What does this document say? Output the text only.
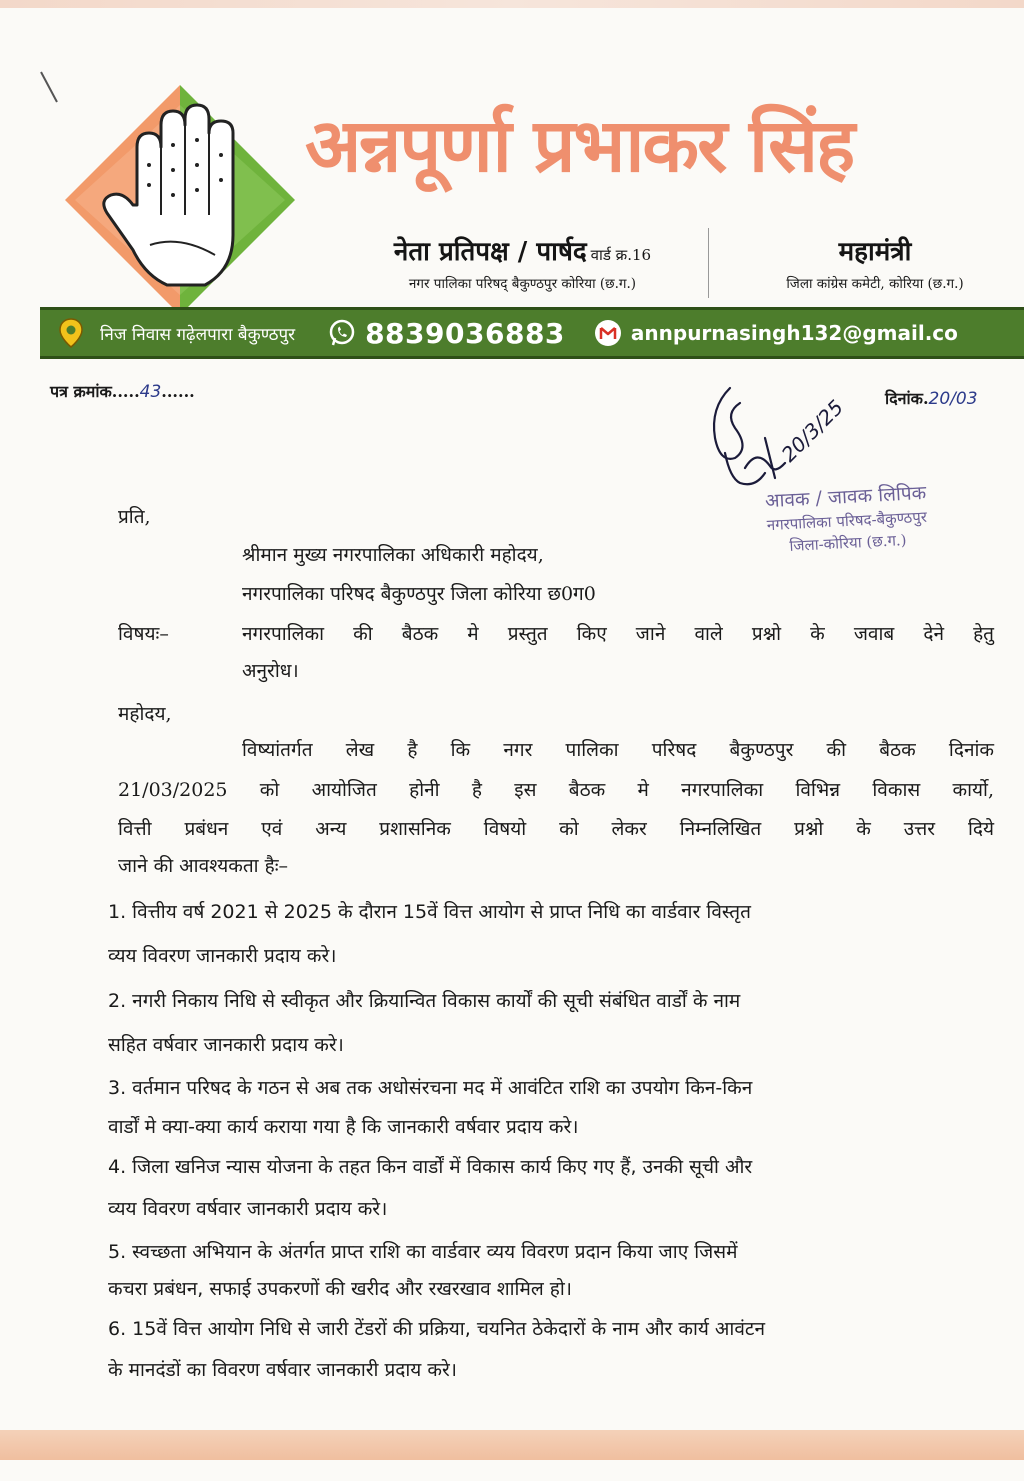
अन्नपूर्णा प्रभाकर सिंह
नेता प्रतिपक्ष / पार्षद वार्ड क्र.16
नगर पालिका परिषद् बैकुण्ठपुर कोरिया (छ.ग.)
महामंत्री
जिला कांग्रेस कमेटी, कोरिया (छ.ग.)
निज निवास गढ़ेलपारा बैकुण्ठपुर	8839036883	annpurnasingh132@gmail.co
पत्र क्रमांक.....43......	दिनांक.20/03
20/3/25
आवक / जावक लिपिक
नगरपालिका परिषद-बैकुण्ठपुर
जिला-कोरिया (छ.ग.)
प्रति,
श्रीमान मुख्य नगरपालिका अधिकारी महोदय,
नगरपालिका परिषद बैकुण्ठपुर जिला कोरिया छ0ग0
विषयः–	नगरपालिका की बैठक मे प्रस्तुत किए जाने वाले प्रश्नो के जवाब देने हेतु
अनुरोध।
महोदय,
विष्यांतर्गत लेख है कि नगर पालिका परिषद बैकुण्ठपुर की बैठक दिनांक
21/03/2025 को आयोजित होनी है इस बैठक मे नगरपालिका विभिन्न विकास कार्यो,
वित्ती प्रबंधन एवं अन्य प्रशासनिक विषयो को लेकर निम्नलिखित प्रश्नो के उत्तर दिये
जाने की आवश्यकता हैः–
1. वित्तीय वर्ष 2021 से 2025 के दौरान 15वें वित्त आयोग से प्राप्त निधि का वार्डवार विस्तृत
व्यय विवरण जानकारी प्रदाय करे।
2. नगरी निकाय निधि से स्वीकृत और क्रियान्वित विकास कार्यों की सूची संबंधित वार्डों के नाम
सहित वर्षवार जानकारी प्रदाय करे।
3. वर्तमान परिषद के गठन से अब तक अधोसंरचना मद में आवंटित राशि का उपयोग किन-किन
वार्डों मे क्या-क्या कार्य कराया गया है कि जानकारी वर्षवार प्रदाय करे।
4. जिला खनिज न्यास योजना के तहत किन वार्डों में विकास कार्य किए गए हैं, उनकी सूची और
व्यय विवरण वर्षवार जानकारी प्रदाय करे।
5. स्वच्छता अभियान के अंतर्गत प्राप्त राशि का वार्डवार व्यय विवरण प्रदान किया जाए जिसमें
कचरा प्रबंधन, सफाई उपकरणों की खरीद और रखरखाव शामिल हो।
6. 15वें वित्त आयोग निधि से जारी टेंडरों की प्रक्रिया, चयनित ठेकेदारों के नाम और कार्य आवंटन
के मानदंडों का विवरण वर्षवार जानकारी प्रदाय करे।
